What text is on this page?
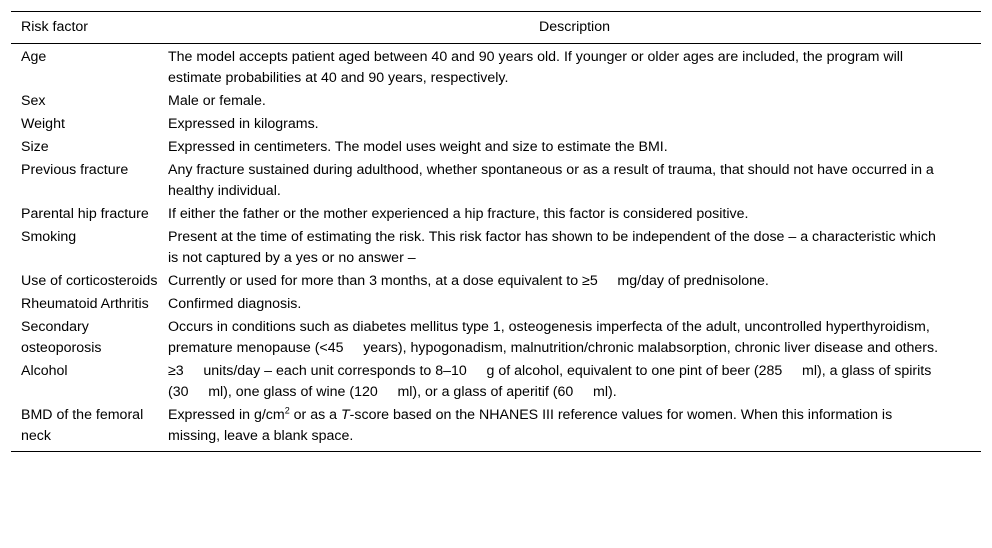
Risk factor	Description
Age	The model accepts patient aged between 40 and 90 years old. If younger or older ages are included, the program will estimate probabilities at 40 and 90 years, respectively.
Sex	Male or female.
Weight	Expressed in kilograms.
Size	Expressed in centimeters. The model uses weight and size to estimate the BMI.
Previous fracture	Any fracture sustained during adulthood, whether spontaneous or as a result of trauma, that should not have occurred in a healthy individual.
Parental hip fracture	If either the father or the mother experienced a hip fracture, this factor is considered positive.
Smoking	Present at the time of estimating the risk. This risk factor has shown to be independent of the dose – a characteristic which is not captured by a yes or no answer –
Use of corticosteroids	Currently or used for more than 3 months, at a dose equivalent to ≥5     mg/day of prednisolone.
Rheumatoid Arthritis	Confirmed diagnosis.
Secondary osteoporosis	Occurs in conditions such as diabetes mellitus type 1, osteogenesis imperfecta of the adult, uncontrolled hyperthyroidism, premature menopause (<45     years), hypogonadism, malnutrition/chronic malabsorption, chronic liver disease and others.
Alcohol	≥3     units/day – each unit corresponds to 8–10     g of alcohol, equivalent to one pint of beer (285     ml), a glass of spirits (30     ml), one glass of wine (120     ml), or a glass of aperitif (60     ml).
BMD of the femoral neck	Expressed in $g/cm^2$ or as a T-score based on the NHANES III reference values for women. When this information is missing, leave a blank space.
